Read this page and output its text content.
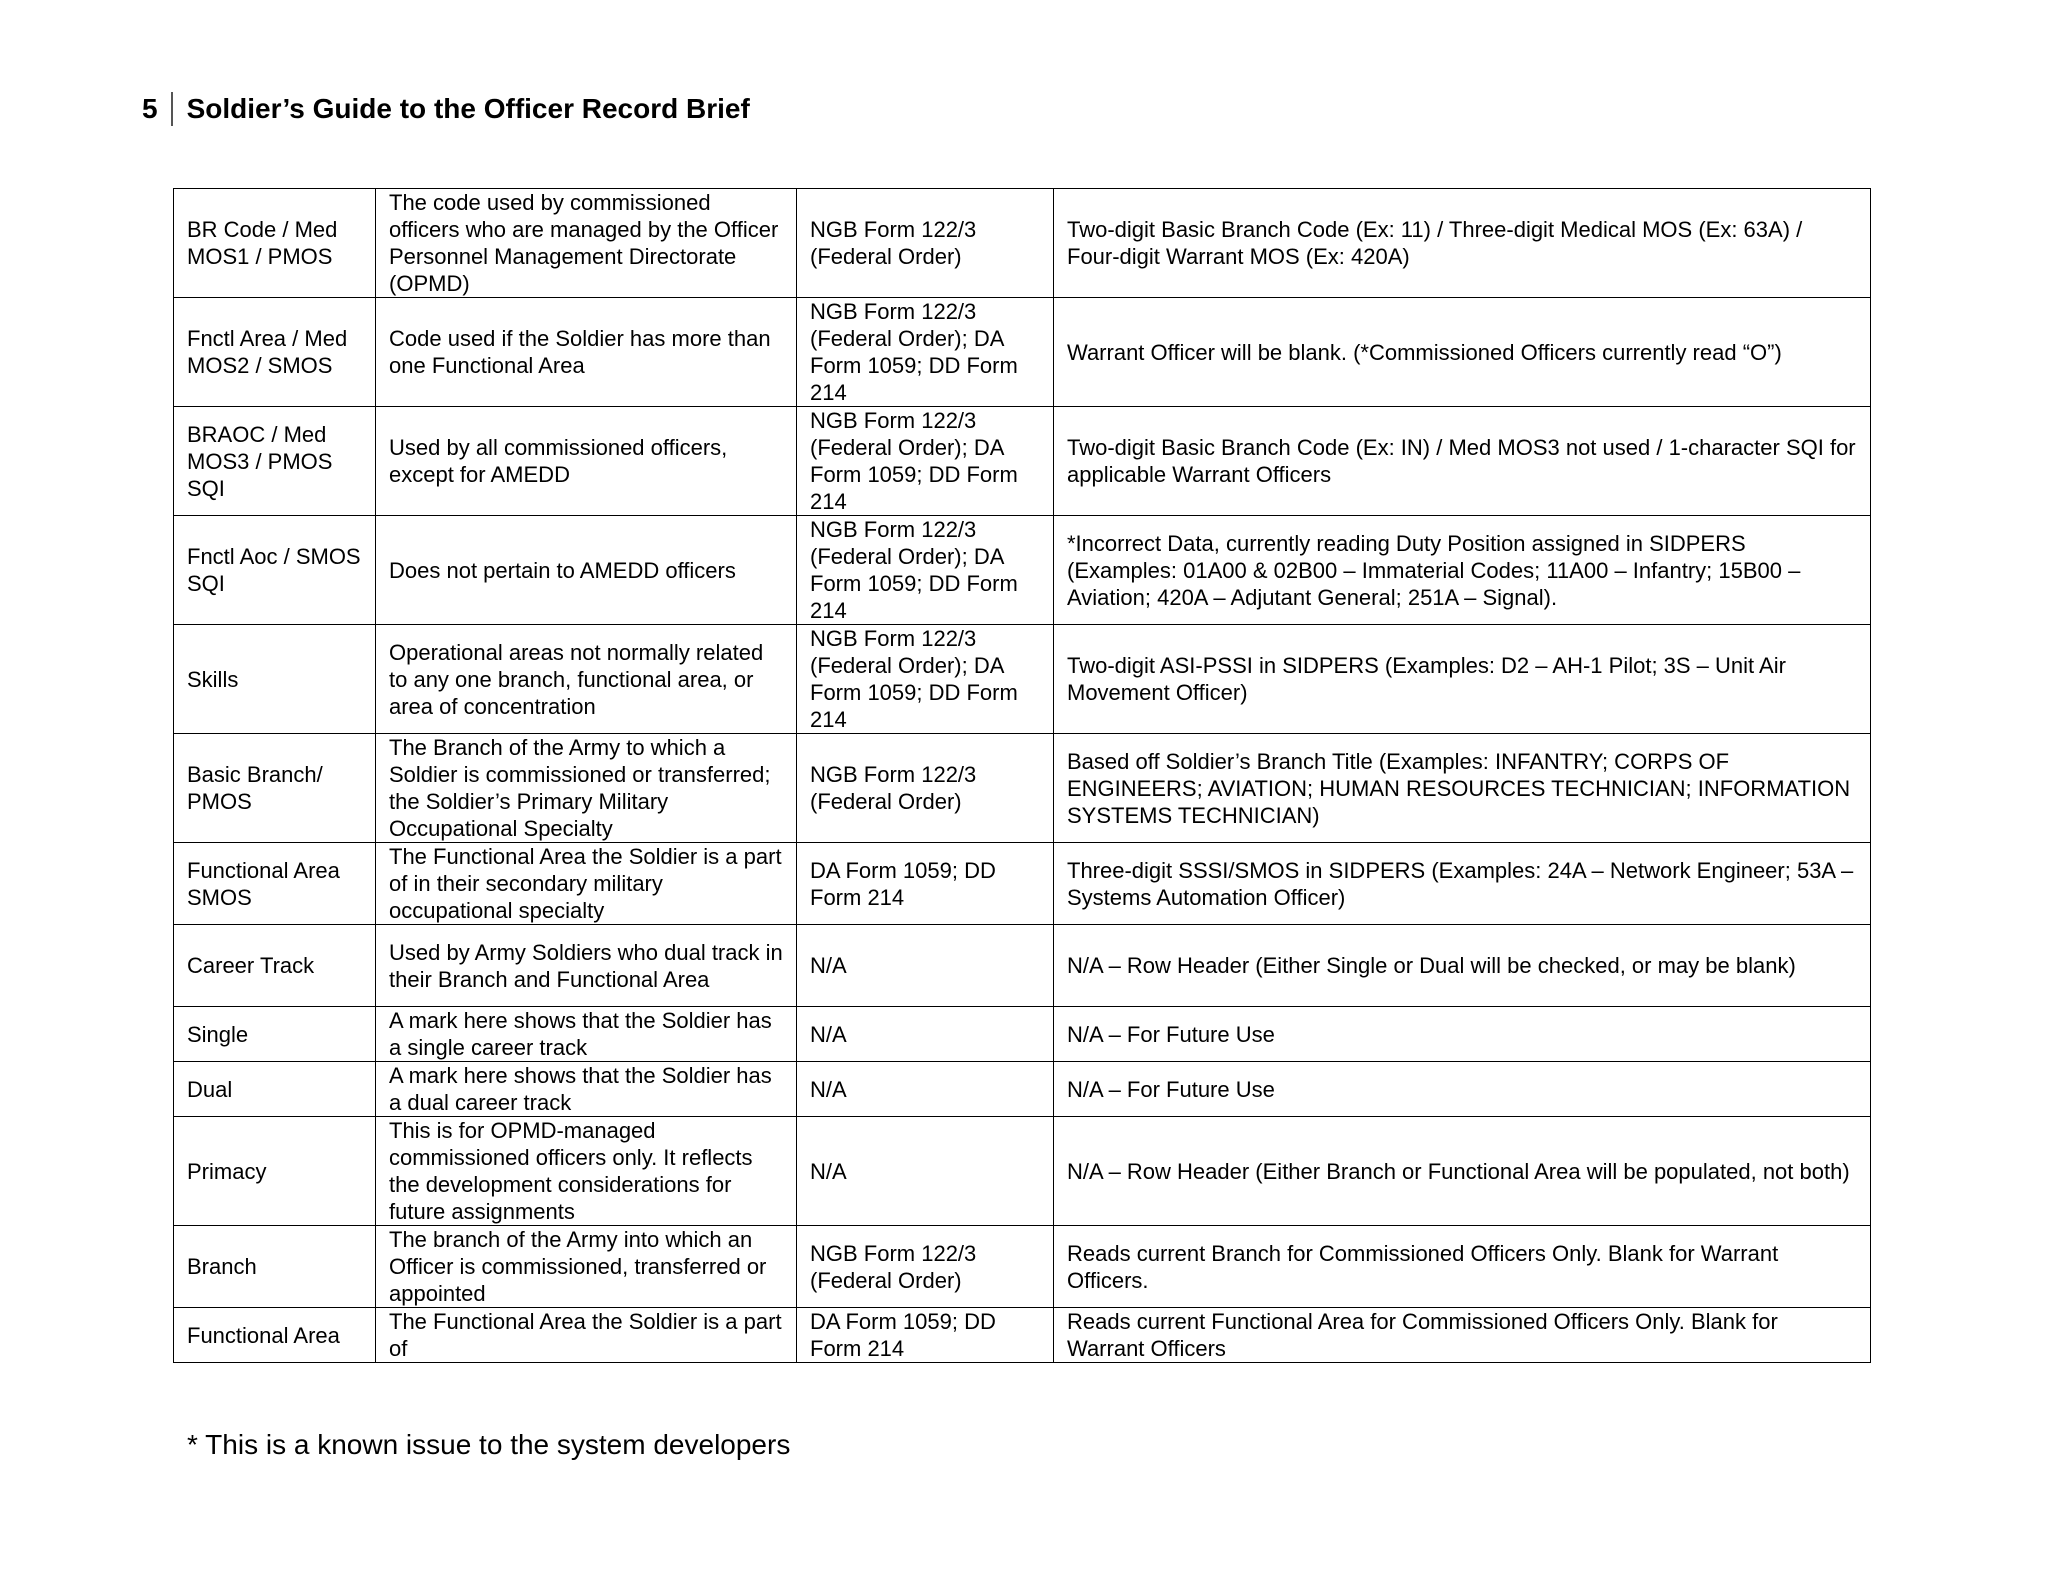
5	Soldier’s Guide to the Officer Record Brief
BR Code / Med MOS1 / PMOS	The code used by commissioned officers who are managed by the Officer Personnel Management Directorate (OPMD)	NGB Form 122/3 (Federal Order)	Two-digit Basic Branch Code (Ex: 11) / Three-digit Medical MOS (Ex: 63A) / Four-digit Warrant MOS (Ex: 420A)
Fnctl Area / Med MOS2 / SMOS	Code used if the Soldier has more than one Functional Area	NGB Form 122/3 (Federal Order); DA Form 1059; DD Form 214	Warrant Officer will be blank. (*Commissioned Officers currently read “O”)
BRAOC / Med MOS3 / PMOS SQI	Used by all commissioned officers, except for AMEDD	NGB Form 122/3 (Federal Order); DA Form 1059; DD Form 214	Two-digit Basic Branch Code (Ex: IN) / Med MOS3 not used / 1-character SQI for applicable Warrant Officers
Fnctl Aoc / SMOS SQI	Does not pertain to AMEDD officers	NGB Form 122/3 (Federal Order); DA Form 1059; DD Form 214	*Incorrect Data, currently reading Duty Position assigned in SIDPERS (Examples: 01A00 & 02B00 – Immaterial Codes; 11A00 – Infantry; 15B00 – Aviation; 420A – Adjutant General; 251A – Signal).
Skills	Operational areas not normally related to any one branch, functional area, or area of concentration	NGB Form 122/3 (Federal Order); DA Form 1059; DD Form 214	Two-digit ASI-PSSI in SIDPERS (Examples: D2 – AH-1 Pilot; 3S – Unit Air Movement Officer)
Basic Branch/ PMOS	The Branch of the Army to which a Soldier is commissioned or transferred; the Soldier’s Primary Military Occupational Specialty	NGB Form 122/3 (Federal Order)	Based off Soldier’s Branch Title (Examples: INFANTRY; CORPS OF ENGINEERS; AVIATION; HUMAN RESOURCES TECHNICIAN; INFORMATION SYSTEMS TECHNICIAN)
Functional Area SMOS	The Functional Area the Soldier is a part of in their secondary military occupational specialty	DA Form 1059; DD Form 214	Three-digit SSSI/SMOS in SIDPERS (Examples: 24A – Network Engineer; 53A – Systems Automation Officer)
Career Track	Used by Army Soldiers who dual track in their Branch and Functional Area	N/A	N/A – Row Header (Either Single or Dual will be checked, or may be blank)
Single	A mark here shows that the Soldier has a single career track	N/A	N/A – For Future Use
Dual	A mark here shows that the Soldier has a dual career track	N/A	N/A – For Future Use
Primacy	This is for OPMD-managed commissioned officers only. It reflects the development considerations for future assignments	N/A	N/A – Row Header (Either Branch or Functional Area will be populated, not both)
Branch	The branch of the Army into which an Officer is commissioned, transferred or appointed	NGB Form 122/3 (Federal Order)	Reads current Branch for Commissioned Officers Only. Blank for Warrant Officers.
Functional Area	The Functional Area the Soldier is a part of	DA Form 1059; DD Form 214	Reads current Functional Area for Commissioned Officers Only. Blank for Warrant Officers
* This is a known issue to the system developers
